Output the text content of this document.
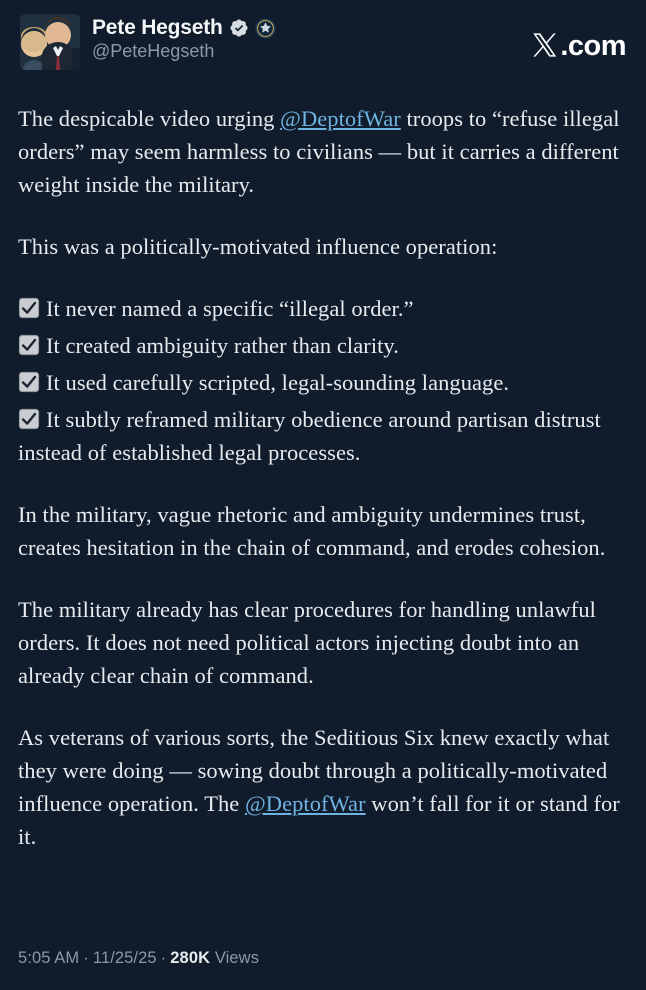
Pete Hegseth
@PeteHegseth	.com

The despicable video urging @DeptofWar troops to “refuse illegal orders” may seem harmless to civilians — but it carries a different weight inside the military.

This was a politically-motivated influence operation:

It never named a specific “illegal order.”
It created ambiguity rather than clarity.
It used carefully scripted, legal-sounding language.
It subtly reframed military obedience around partisan distrust instead of established legal processes.

In the military, vague rhetoric and ambiguity undermines trust, creates hesitation in the chain of command, and erodes cohesion.

The military already has clear procedures for handling unlawful orders. It does not need political actors injecting doubt into an already clear chain of command.

As veterans of various sorts, the Seditious Six knew exactly what they were doing — sowing doubt through a politically-motivated influence operation. The @DeptofWar won’t fall for it or stand for it.

5:05 AM · 11/25/25 · 280K Views
